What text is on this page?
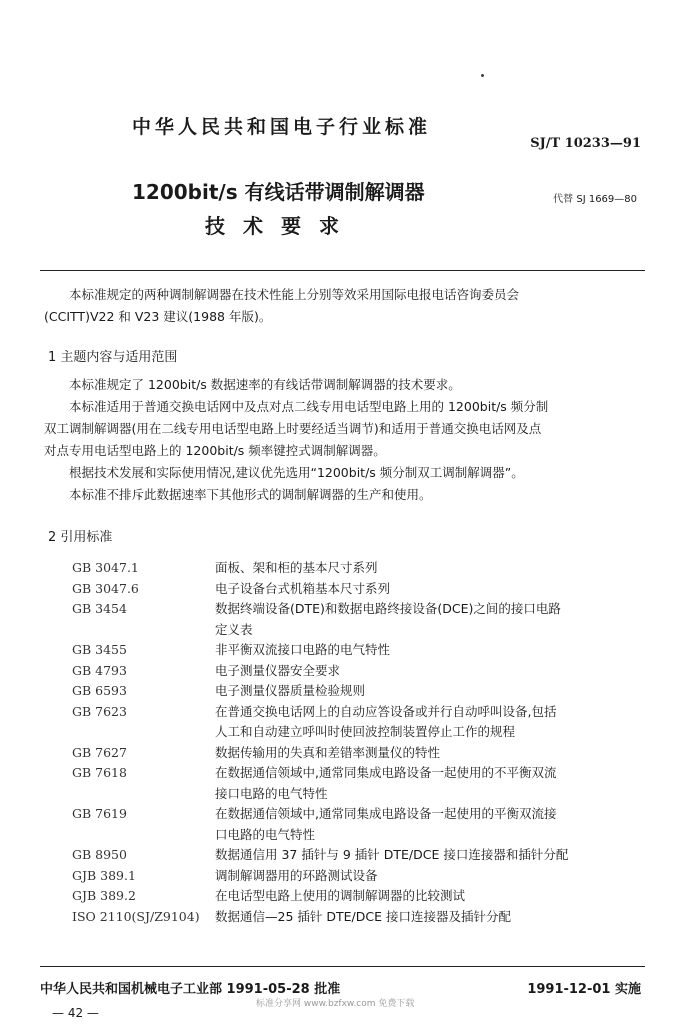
中华人民共和国电子行业标准
SJ/T 10233—91
1200bit/s 有线话带调制解调器	代替 SJ 1669—80
技术要求
本标准规定的两种调制解调器在技术性能上分别等效采用国际电报电话咨询委员会
(CCITT)V22 和 V23 建议(1988 年版)。
1 主题内容与适用范围
本标准规定了 1200bit/s 数据速率的有线话带调制解调器的技术要求。
本标准适用于普通交换电话网中及点对点二线专用电话型电路上用的 1200bit/s 频分制
双工调制解调器(用在二线专用电话型电路上时要经适当调节)和适用于普通交换电话网及点
对点专用电话型电路上的 1200bit/s 频率键控式调制解调器。
根据技术发展和实际使用情况,建议优先选用“1200bit/s 频分制双工调制解调器”。
本标准不排斥此数据速率下其他形式的调制解调器的生产和使用。
2 引用标准
GB 3047.1	面板、架和柜的基本尺寸系列
GB 3047.6	电子设备台式机箱基本尺寸系列
GB 3454	数据终端设备(DTE)和数据电路终接设备(DCE)之间的接口电路
定义表
GB 3455	非平衡双流接口电路的电气特性
GB 4793	电子测量仪器安全要求
GB 6593	电子测量仪器质量检验规则
GB 7623	在普通交换电话网上的自动应答设备或并行自动呼叫设备,包括
人工和自动建立呼叫时使回波控制装置停止工作的规程
GB 7627	数据传输用的失真和差错率测量仪的特性
GB 7618	在数据通信领域中,通常同集成电路设备一起使用的不平衡双流
接口电路的电气特性
GB 7619	在数据通信领域中,通常同集成电路设备一起使用的平衡双流接
口电路的电气特性
GB 8950	数据通信用 37 插针与 9 插针 DTE/DCE 接口连接器和插针分配
GJB 389.1	调制解调器用的环路测试设备
GJB 389.2	在电话型电路上使用的调制解调器的比较测试
ISO 2110(SJ/Z9104)	数据通信—25 插针 DTE/DCE 接口连接器及插针分配
中华人民共和国机械电子工业部 1991-05-28 批准	1991-12-01 实施
标准分享网 www.bzfxw.com 免费下载
— 42 —
